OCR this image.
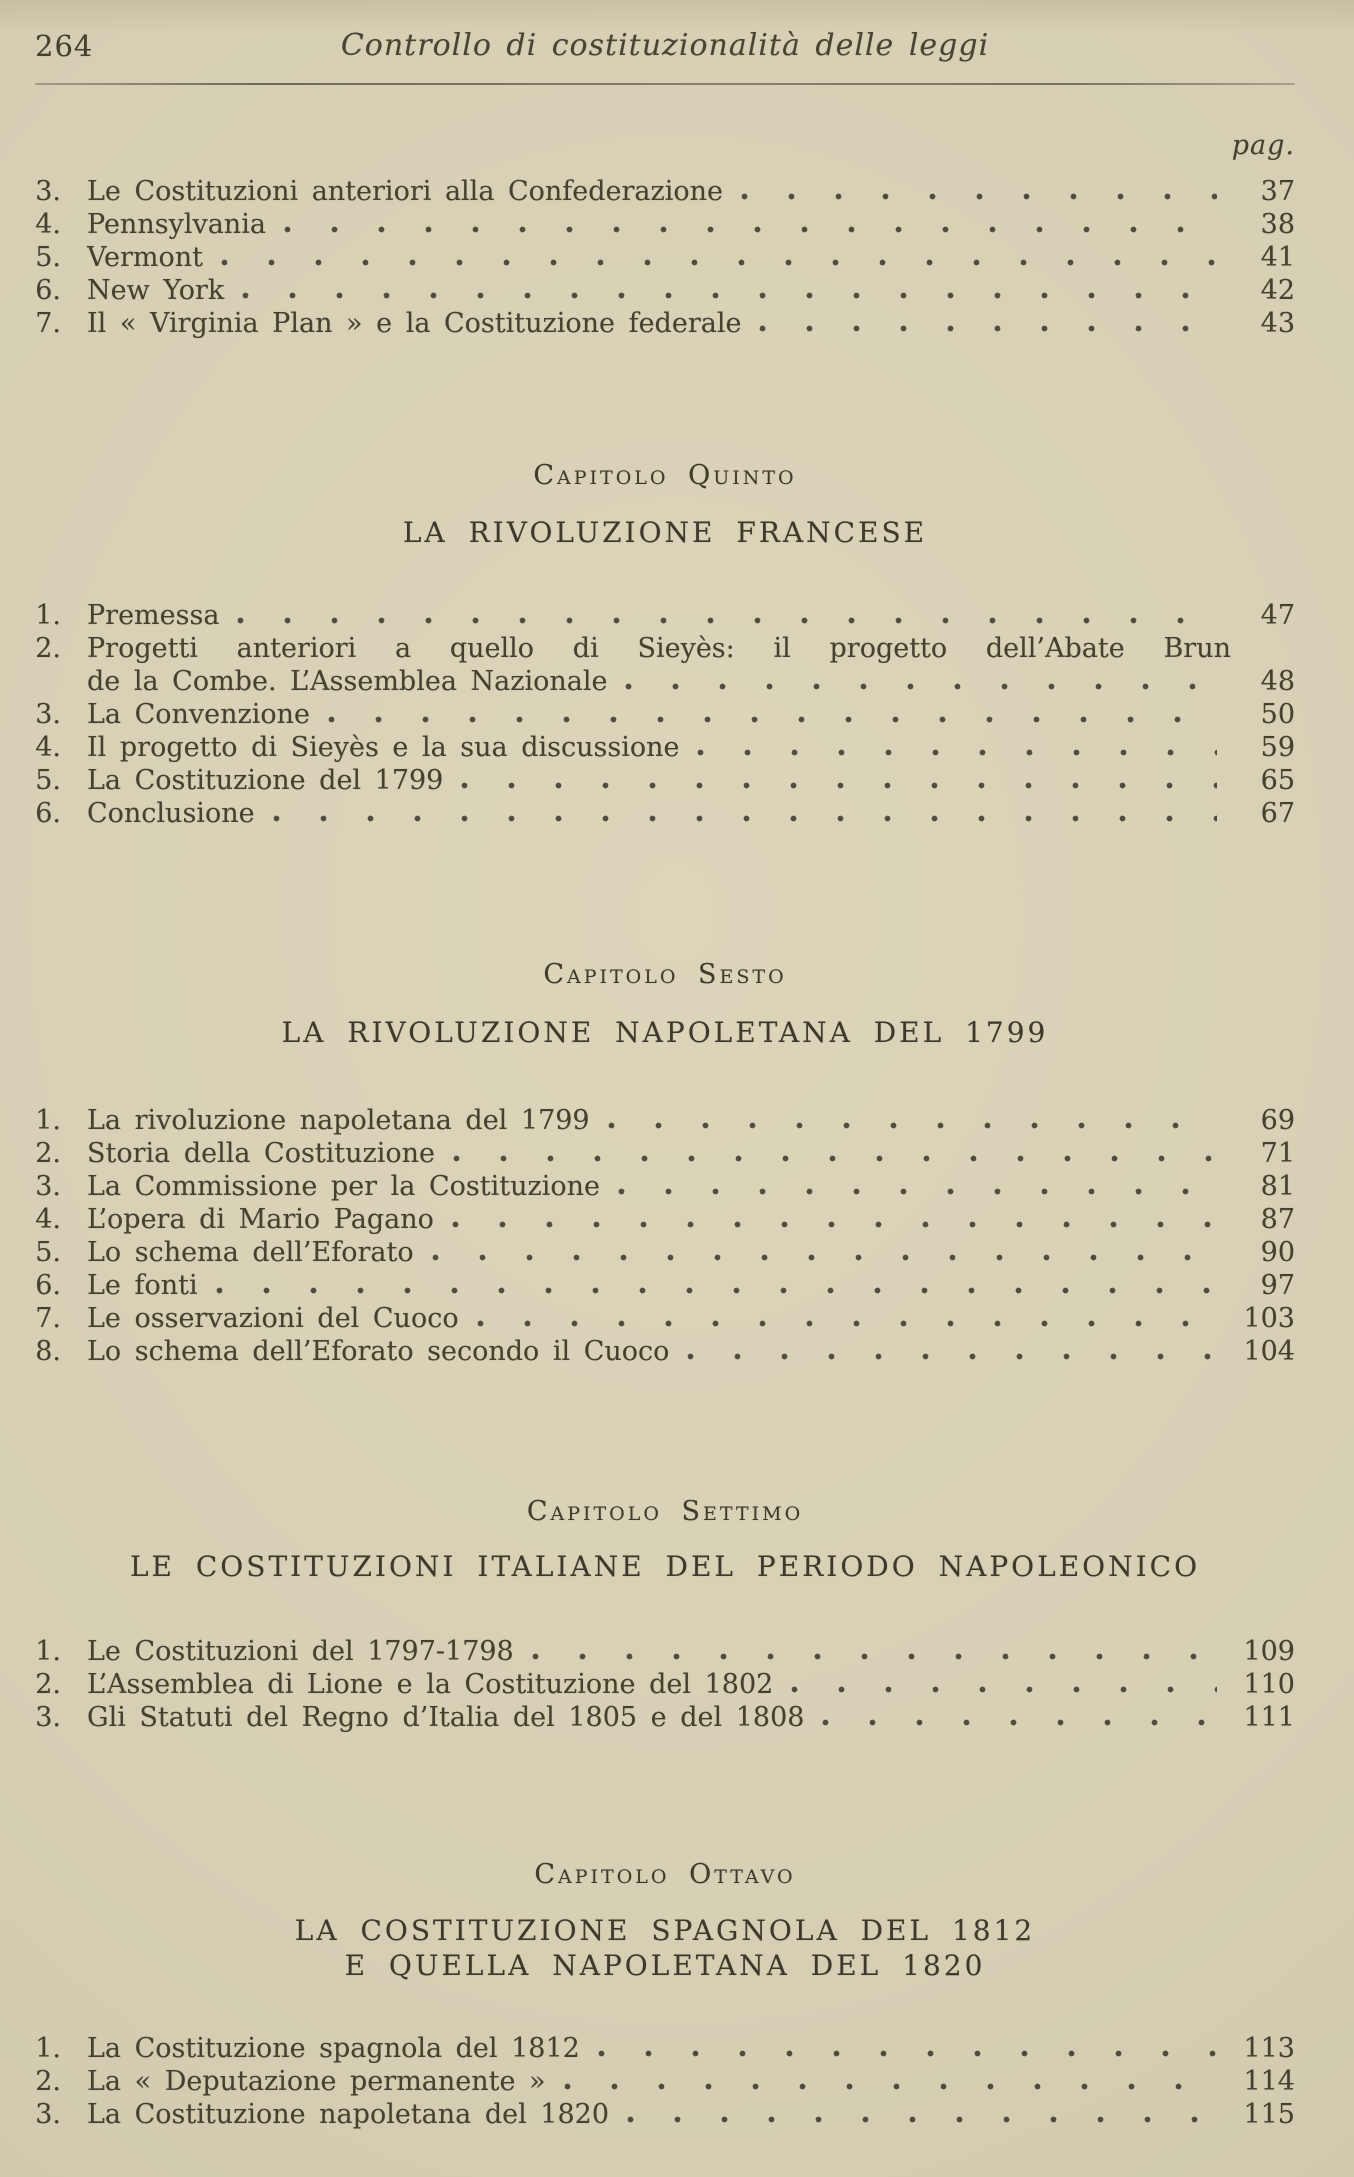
264	Controllo di costituzionalità delle leggi
pag.
3. Le Costituzioni anteriori alla Confederazione	37
4. Pennsylvania	38
5. Vermont	41
6. New York	42
7. Il « Virginia Plan » e la Costituzione federale	43
Capitolo Quinto
LA RIVOLUZIONE FRANCESE
1. Premessa	47
2. Progetti anteriori a quello di Sieyès: il progetto dell’Abate Brun
de la Combe. L’Assemblea Nazionale	48
3. La Convenzione	50
4. Il progetto di Sieyès e la sua discussione	59
5. La Costituzione del 1799	65
6. Conclusione	67
Capitolo Sesto
LA RIVOLUZIONE NAPOLETANA DEL 1799
1. La rivoluzione napoletana del 1799	69
2. Storia della Costituzione	71
3. La Commissione per la Costituzione	81
4. L’opera di Mario Pagano	87
5. Lo schema dell’Eforato	90
6. Le fonti	97
7. Le osservazioni del Cuoco	103
8. Lo schema dell’Eforato secondo il Cuoco	104
Capitolo Settimo
LE COSTITUZIONI ITALIANE DEL PERIODO NAPOLEONICO
1. Le Costituzioni del 1797-1798	109
2. L’Assemblea di Lione e la Costituzione del 1802	110
3. Gli Statuti del Regno d’Italia del 1805 e del 1808	111
Capitolo Ottavo
LA COSTITUZIONE SPAGNOLA DEL 1812
E QUELLA NAPOLETANA DEL 1820
1. La Costituzione spagnola del 1812	113
2. La « Deputazione permanente »	114
3. La Costituzione napoletana del 1820	115
